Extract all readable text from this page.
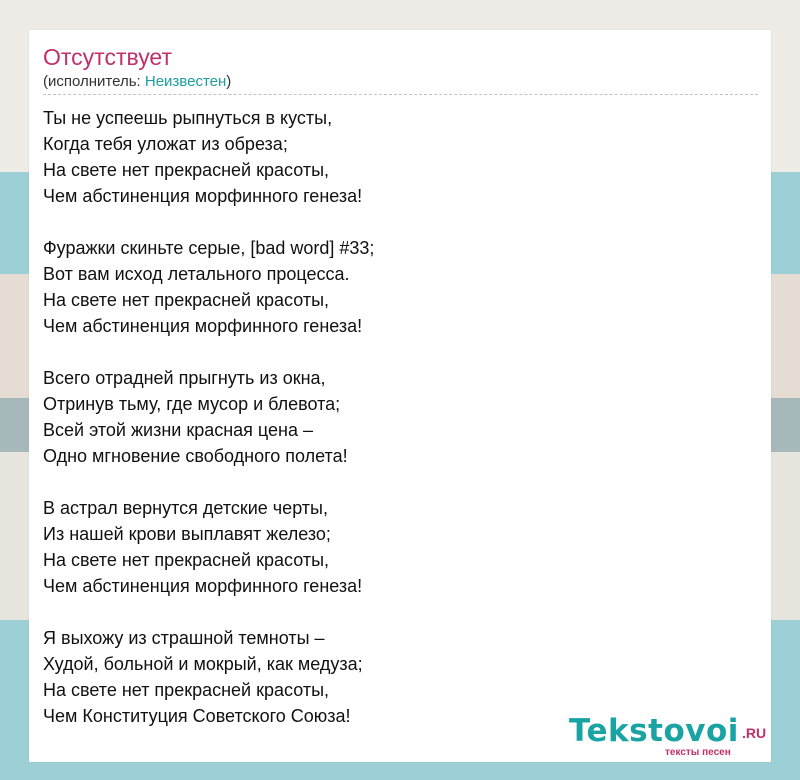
Отсутствует
(исполнитель: Неизвестен)
Ты не успеешь рыпнуться в кусты,
Когда тебя уложат из обреза;
На свете нет прекрасней красоты,
Чем абстиненция морфинного генеза!
Фуражки скиньте серые, [bad word] #33;
Вот вам исход летального процесса.
На свете нет прекрасней красоты,
Чем абстиненция морфинного генеза!
Всего отрадней прыгнуть из окна,
Отринув тьму, где мусор и блевота;
Всей этой жизни красная цена –
Одно мгновение свободного полета!
В астрал вернутся детские черты,
Из нашей крови выплавят железо;
На свете нет прекрасней красоты,
Чем абстиненция морфинного генеза!
Я выхожу из страшной темноты –
Худой, больной и мокрый, как медуза;
На свете нет прекрасней красоты,
Чем Конституция Советского Союза!	Tekstovoi .RU
тексты песен
